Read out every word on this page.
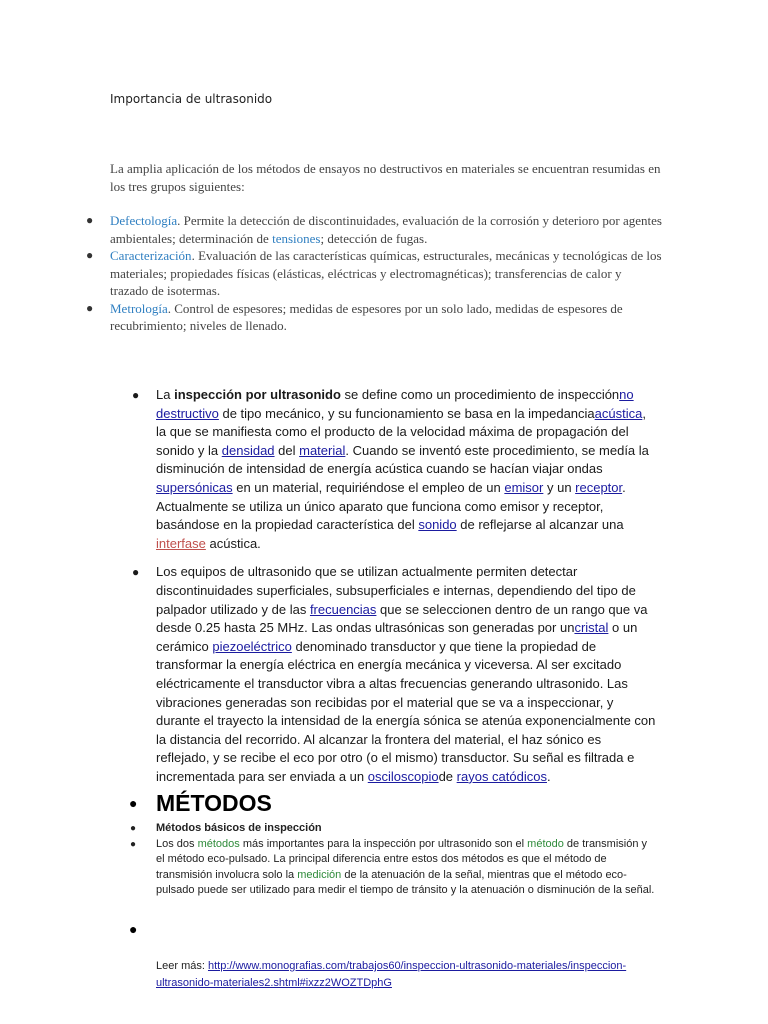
Importancia de ultrasonido
La amplia aplicación de los métodos de ensayos no destructivos en materiales se encuentran resumidas en los tres grupos siguientes:
● Defectología. Permite la detección de discontinuidades, evaluación de la corrosión y deterioro por agentes ambientales; determinación de tensiones; detección de fugas.
● Caracterización. Evaluación de las características químicas, estructurales, mecánicas y tecnológicas de los materiales; propiedades físicas (elásticas, eléctricas y electromagnéticas); transferencias de calor y trazado de isotermas.
● Metrología. Control de espesores; medidas de espesores por un solo lado, medidas de espesores de recubrimiento; niveles de llenado.
● La inspección por ultrasonido se define como un procedimiento de inspecciónno destructivo de tipo mecánico, y su funcionamiento se basa en la impedanciaacústica, la que se manifiesta como el producto de la velocidad máxima de propagación del sonido y la densidad del material. Cuando se inventó este procedimiento, se medía la disminución de intensidad de energía acústica cuando se hacían viajar ondas supersónicas en un material, requiriéndose el empleo de un emisor y un receptor. Actualmente se utiliza un único aparato que funciona como emisor y receptor, basándose en la propiedad característica del sonido de reflejarse al alcanzar una interfase acústica.
● Los equipos de ultrasonido que se utilizan actualmente permiten detectar discontinuidades superficiales, subsuperficiales e internas, dependiendo del tipo de palpador utilizado y de las frecuencias que se seleccionen dentro de un rango que va desde 0.25 hasta 25 MHz. Las ondas ultrasónicas son generadas por uncristal o un cerámico piezoeléctrico denominado transductor y que tiene la propiedad de transformar la energía eléctrica en energía mecánica y viceversa. Al ser excitado eléctricamente el transductor vibra a altas frecuencias generando ultrasonido. Las vibraciones generadas son recibidas por el material que se va a inspeccionar, y durante el trayecto la intensidad de la energía sónica se atenúa exponencialmente con la distancia del recorrido. Al alcanzar la frontera del material, el haz sónico es reflejado, y se recibe el eco por otro (o el mismo) transductor. Su señal es filtrada e incrementada para ser enviada a un osciloscopiode rayos catódicos.
● MÉTODOS
● Métodos básicos de inspección
● Los dos métodos más importantes para la inspección por ultrasonido son el método de transmisión y el método eco-pulsado. La principal diferencia entre estos dos métodos es que el método de transmisión involucra solo la medición de la atenuación de la señal, mientras que el método eco-pulsado puede ser utilizado para medir el tiempo de tránsito y la atenuación o disminución de la señal.
●
Leer más: http://www.monografias.com/trabajos60/inspeccion-ultrasonido-materiales/inspeccion-ultrasonido-materiales2.shtml#ixzz2WOZTDphG
